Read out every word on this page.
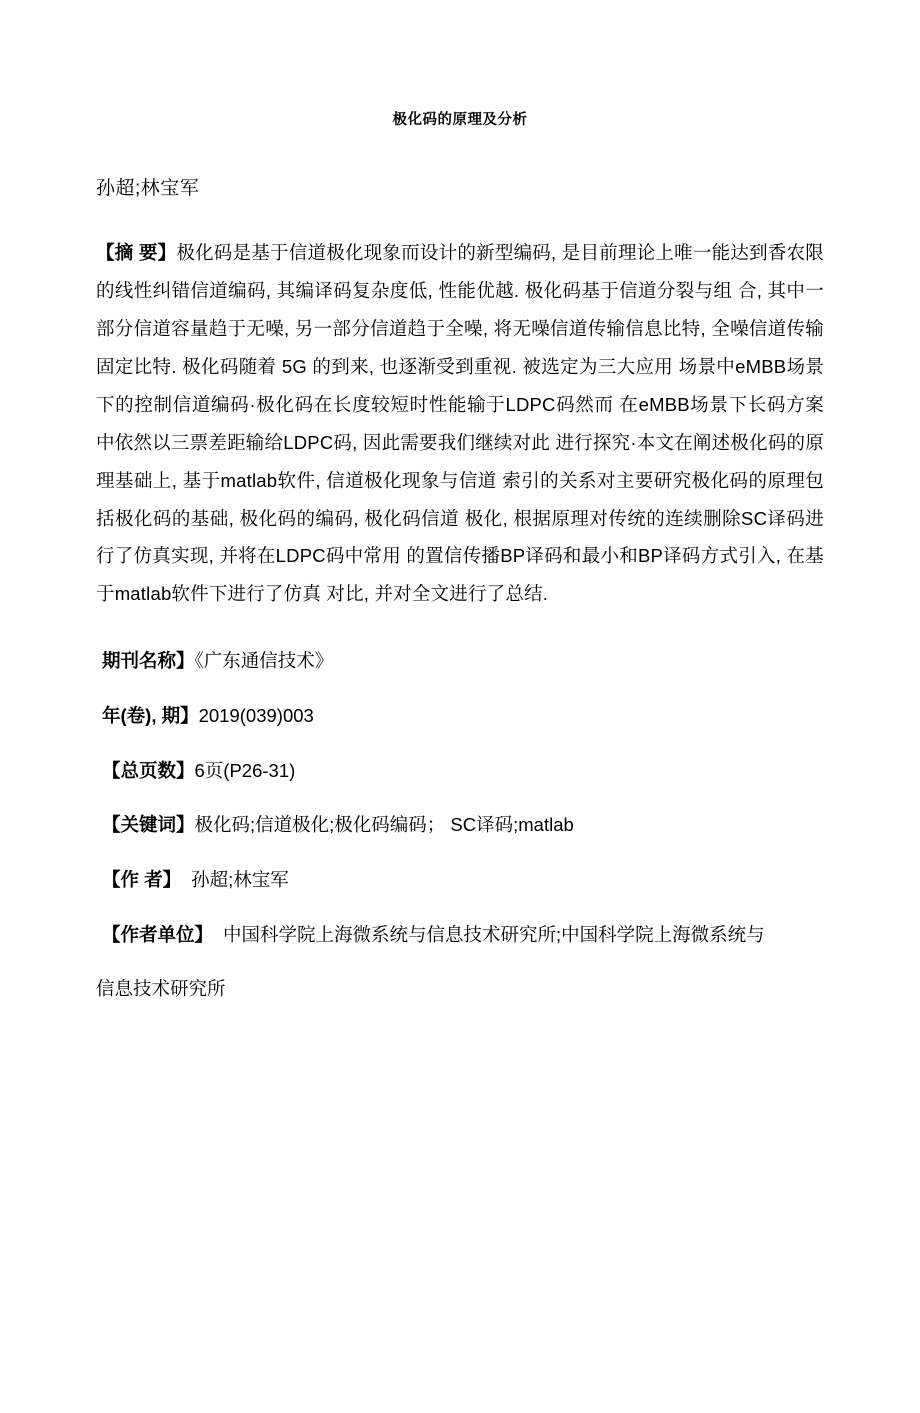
极化码的原理及分析
孙超;林宝军
【摘 要】极化码是基于信道极化现象而设计的新型编码, 是目前理论上唯一能达到香农限的线性纠错信道编码, 其编译码复杂度低, 性能优越. 极化码基于信道分裂与组 合, 其中一部分信道容量趋于无噪, 另一部分信道趋于全噪, 将无噪信道传输信息比特, 全噪信道传输固定比特. 极化码随着 5G 的到来, 也逐渐受到重视. 被选定为三大应用 场景中eMBB场景下的控制信道编码·极化码在长度较短时性能输于LDPC码然而 在eMBB场景下长码方案中依然以三票差距输给LDPC码, 因此需要我们继续对此 进行探究·本文在阐述极化码的原理基础上, 基于matlab软件, 信道极化现象与信道 索引的关系对主要研究极化码的原理包括极化码的基础, 极化码的编码, 极化码信道 极化, 根据原理对传统的连续删除SC译码进行了仿真实现, 并将在LDPC码中常用 的置信传播BP译码和最小和BP译码方式引入, 在基于matlab软件下进行了仿真 对比, 并对全文进行了总结.
期刊名称】《广东通信技术》
年(卷), 期】2019(039)003
【总页数】6页(P26-31)
【关键词】极化码;信道极化;极化码编码； SC译码;matlab
【作 者】 孙超;林宝军
【作者单位】 中国科学院上海微系统与信息技术研究所;中国科学院上海微系统与
信息技术研究所
